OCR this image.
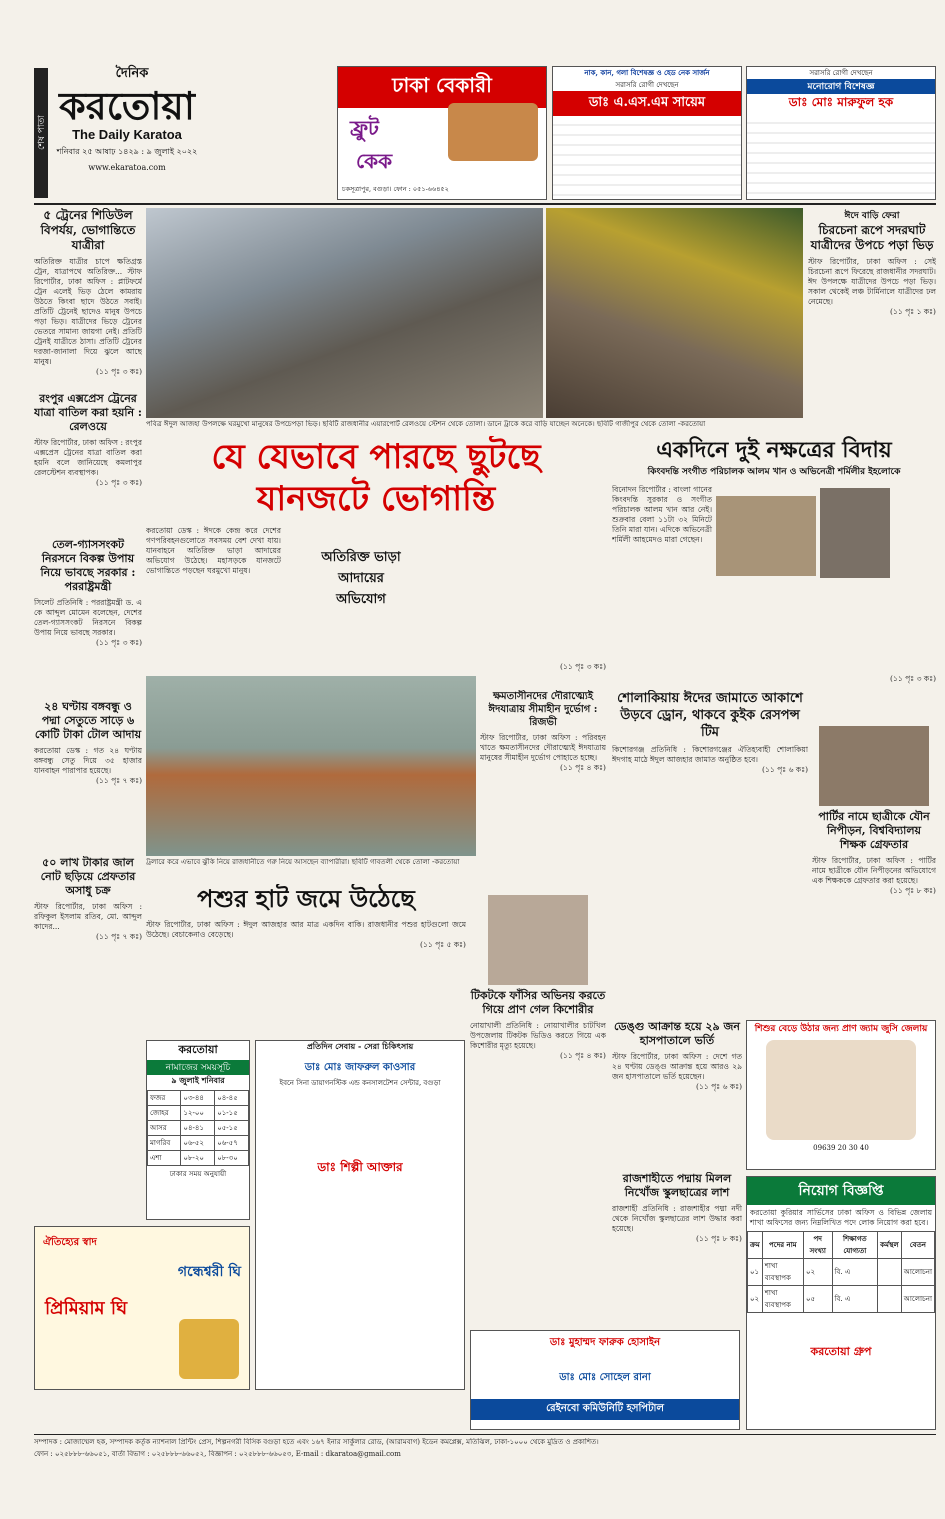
শেষ পাতা
দৈনিক
করতোয়া
The Daily Karatoa
শনিবার ২৫ আষাঢ় ১৪২৯ : ৯ জুলাই ২০২২
www.ekaratoa.com
ঢাকা বেকারী
ফ্রুট
কেক
চকসূত্রাপুর, বগুড়া। ফোন : ০৫১-৬৬৪৫২
নাক, কান, গলা বিশেষজ্ঞ ও হেড নেক সার্জন
সরাসরি রোগী দেখছেন
ডাঃ এ.এস.এম সায়েম
সরাসরি রোগী দেখছেন
মনোরোগ বিশেষজ্ঞ
ডাঃ মোঃ মারুফুল হক
৫ ট্রেনের শিডিউল বিপর্যয়, ভোগান্তিতে যাত্রীরা
অতিরিক্ত যাত্রীর চাপে ক্ষতিগ্রস্ত ট্রেন, যাত্রাপথে অতিরিক্ত... স্টাফ রিপোর্টার, ঢাকা অফিস : প্লাটফর্মে ট্রেন এলেই ভিড় ঠেলে কামরায় উঠতে কিংবা ছাদে উঠতে সবাই। প্রতিটি ট্রেনেই ছাদেও মানুষ উপচে পড়া ভিড়। যাত্রীদের ভিড়ে ট্রেনের ভেতরে সামান্য জায়গা নেই। প্রতিটি ট্রেনই যাত্রীতে ঠাসা। প্রতিটি ট্রেনের দরজা-জানালা দিয়ে ঝুলে আছে মানুষ।
(১১ পৃঃ ৩ কঃ)
রংপুর এক্সপ্রেস ট্রেনের যাত্রা বাতিল করা হয়নি : রেলওয়ে
স্টাফ রিপোর্টার, ঢাকা অফিস : রংপুর এক্সপ্রেস ট্রেনের যাত্রা বাতিল করা হয়নি বলে জানিয়েছে কমলাপুর রেলস্টেশন ব্যবস্থাপক।
(১১ পৃঃ ৩ কঃ)
তেল-গ্যাসসংকট নিরসনে বিকল্প উপায় নিয়ে ভাবছে সরকার : পররাষ্ট্রমন্ত্রী
সিলেট প্রতিনিধি : পররাষ্ট্রমন্ত্রী ড. এ কে আব্দুল মোমেন বলেছেন, দেশের তেল-গ্যাসসংকট নিরসনে বিকল্প উপায় নিয়ে ভাবছে সরকার।
(১১ পৃঃ ৩ কঃ)
২৪ ঘণ্টায় বঙ্গবন্ধু ও পদ্মা সেতুতে সাড়ে ৬ কোটি টাকা টোল আদায়
করতোয়া ডেস্ক : গত ২৪ ঘণ্টায় বঙ্গবন্ধু সেতু দিয়ে ৩৫ হাজার যানবাহন পারাপার হয়েছে।
(১১ পৃঃ ৭ কঃ)
৫০ লাখ টাকার জাল নোট ছড়িয়ে প্রেফতার অসাধু চক্র
স্টাফ রিপোর্টার, ঢাকা অফিস : রফিকুল ইসলাম রতিব, মো. আব্দুল কাদের...
(১১ পৃঃ ৭ কঃ)
পবিত্র ঈদুল আজহা উপলক্ষে ঘরমুখো মানুষের উপচেপড়া ভিড়। ছবিটি রাজধানীর এয়ারপোর্ট রেলওয়ে স্টেশন থেকে তোলা। ডানে ট্রাকে করে বাড়ি যাচ্ছেন অনেকে। ছবিটি গাজীপুর থেকে তোলা -করতোয়া
ঈদে বাড়ি ফেরা
চিরচেনা রূপে সদরঘাট যাত্রীদের উপচে পড়া ভিড়
স্টাফ রিপোর্টার, ঢাকা অফিস : সেই চিরচেনা রূপে ফিরেছে রাজধানীর সদরঘাট। ঈদ উপলক্ষে যাত্রীদের উপচে পড়া ভিড়। সকাল থেকেই লঞ্চ টার্মিনালে যাত্রীদের ঢল নেমেছে।
(১১ পৃঃ ১ কঃ)
যে যেভাবে পারছে ছুটছে
যানজটে ভোগান্তি
করতোয়া ডেস্ক : ঈদকে কেন্দ্র করে দেশের গণপরিবহনগুলোতে সবসময় বেশ দেখা যায়। যানবাহনে অতিরিক্ত ভাড়া আদায়ের অভিযোগ উঠেছে। মহাসড়কে যানজটে ভোগান্তিতে পড়ছেন ঘরমুখো মানুষ।
অতিরিক্ত ভাড়া
আদায়ের
অভিযোগ
(১১ পৃঃ ৩ কঃ)
একদিনে দুই নক্ষত্রের বিদায়
কিংবদন্তি সংগীত পরিচালক আলম খান ও অভিনেত্রী শর্মিলীর ইহলোকে
বিনোদন রিপোর্টার : বাংলা গানের কিংবদন্তি সুরকার ও সংগীত পরিচালক আলম খান আর নেই। শুক্রবার বেলা ১১টা ৩২ মিনিটে তিনি মারা যান। এদিকে অভিনেত্রী শর্মিলী আহমেদও মারা গেছেন।
(১১ পৃঃ ৩ কঃ)
ট্রলারে করে এভাবে ঝুঁকি নিয়ে রাজধানীতে গরু নিয়ে আসছেন ব্যাপারীরা। ছবিটি গাবতলী থেকে তোলা -করতোয়া
ক্ষমতাসীনদের দৌরাত্ম্যেই ঈদযাত্রায় সীমাহীন দুর্ভোগ : রিজভী
স্টাফ রিপোর্টার, ঢাকা অফিস : পরিবহন খাতে ক্ষমতাসীনদের দৌরাত্ম্যেই ঈদযাত্রায় মানুষের সীমাহীন দুর্ভোগ পোহাতে হচ্ছে।
(১১ পৃঃ ৪ কঃ)
শোলাকিয়ায় ঈদের জামাতে আকাশে উড়বে ড্রোন, থাকবে কুইক রেসপন্স টিম
কিশোরগঞ্জ প্রতিনিধি : কিশোরগঞ্জের ঐতিহ্যবাহী শোলাকিয়া ঈদগাহ মাঠে ঈদুল আজহার জামাত অনুষ্ঠিত হবে।
(১১ পৃঃ ৬ কঃ)
পার্টির নামে ছাত্রীকে যৌন নিপীড়ন, বিশ্ববিদ্যালয় শিক্ষক গ্রেফতার
স্টাফ রিপোর্টার, ঢাকা অফিস : পার্টির নামে ছাত্রীকে যৌন নিপীড়নের অভিযোগে এক শিক্ষককে গ্রেফতার করা হয়েছে।
(১১ পৃঃ ৮ কঃ)
পশুর হাট জমে উঠেছে
স্টাফ রিপোর্টার, ঢাকা অফিস : ঈদুল আজহার আর মাত্র একদিন বাকি। রাজধানীর পশুর হাটগুলো জমে উঠেছে। বেচাকেনাও বেড়েছে।
(১১ পৃঃ ৫ কঃ)
টিকটকে ফাঁসির অভিনয় করতে গিয়ে প্রাণ গেল কিশোরীর
নোয়াখালী প্রতিনিধি : নোয়াখালীর চাটখিল উপজেলায় টিকটক ভিডিও করতে গিয়ে এক কিশোরীর মৃত্যু হয়েছে।
(১১ পৃঃ ৪ কঃ)
ডেঙ্গু আক্রান্ত হয়ে ২৯ জন হাসপাতালে ভর্তি
স্টাফ রিপোর্টার, ঢাকা অফিস : দেশে গত ২৪ ঘণ্টায় ডেঙ্গু আক্রান্ত হয়ে আরও ২৯ জন হাসপাতালে ভর্তি হয়েছেন।
(১১ পৃঃ ৬ কঃ)
রাজশাহীতে পদ্মায় মিলল নিখোঁজ স্কুলছাত্রের লাশ
রাজশাহী প্রতিনিধি : রাজশাহীর পদ্মা নদী থেকে নিখোঁজ স্কুলছাত্রের লাশ উদ্ধার করা হয়েছে।
(১১ পৃঃ ৮ কঃ)
শিশুর বেড়ে উঠার জন্য প্রাণ জ্যাম জুসি জেলায়
09639 20 30 40
করতোয়া
নামাজের সময়সূচি
৯ জুলাই শনিবার
ফজর	০৩-৪৪	০৪-৪৫
জোহর	১২-০০	০১-১৫
আসর	০৪-৪১	০৫-১৫
মাগরিব	০৬-৫২	০৬-৫৭
এশা	০৮-২০	০৮-৩০
ঢাকার সময় অনুযায়ী
প্রতিদিন সেবায় - সেরা চিকিৎসায়
ডাঃ মোঃ জাফরুল কাওসার
ইবনে সিনা ডায়াগনস্টিক এন্ড কনসালটেশন সেন্টার, বগুড়া
ডাঃ শিল্পী আক্তার
ঐতিহ্যের স্বাদ
গন্ধেশ্বরী ঘি
প্রিমিয়াম ঘি
ডাঃ মুহাম্মদ ফারুক হোসাইন
ডাঃ মোঃ সোহেল রানা
রেইনবো কমিউনিটি হসপিটাল
নিয়োগ বিজ্ঞপ্তি
করতোয়া কুরিয়ার সার্ভিসের ঢাকা অফিস ও বিভিন্ন জেলায় শাখা অফিসের জন্য নিম্নলিখিত পদে লোক নিয়োগ করা হবে।
ক্রম	পদের নাম	পদ সংখ্যা	শিক্ষাগত যোগ্যতা	কর্মস্থল	বেতন
০১	শাখা ব্যবস্থাপক	০২	বি. এ		আলোচনা
০২	শাখা ব্যবস্থাপক	০৫	বি. এ		আলোচনা
করতোয়া গ্রুপ
সম্পাদক : মোজাম্মেল হক, সম্পাদক কর্তৃক ন্যাশনাল প্রিন্টিং প্রেস, শিল্পনগরী বিসিক বগুড়া হতে এবং ১৬৭ ইনার সার্কুলার রোড, (আরামবাগ) ইডেন কমপ্লেক্স, মতিঝিল, ঢাকা-১০০০ থেকে মুদ্রিত ও প্রকাশিত।
ফোন : ০২৫৮৮৮-৬৬০৫১, বার্তা বিভাগ : ০২৫৮৮৮-৬৬০৫২, বিজ্ঞাপন : ০২৫৮৮৮-৬৬০৫৩, E-mail : dkaratoa@gmail.com
